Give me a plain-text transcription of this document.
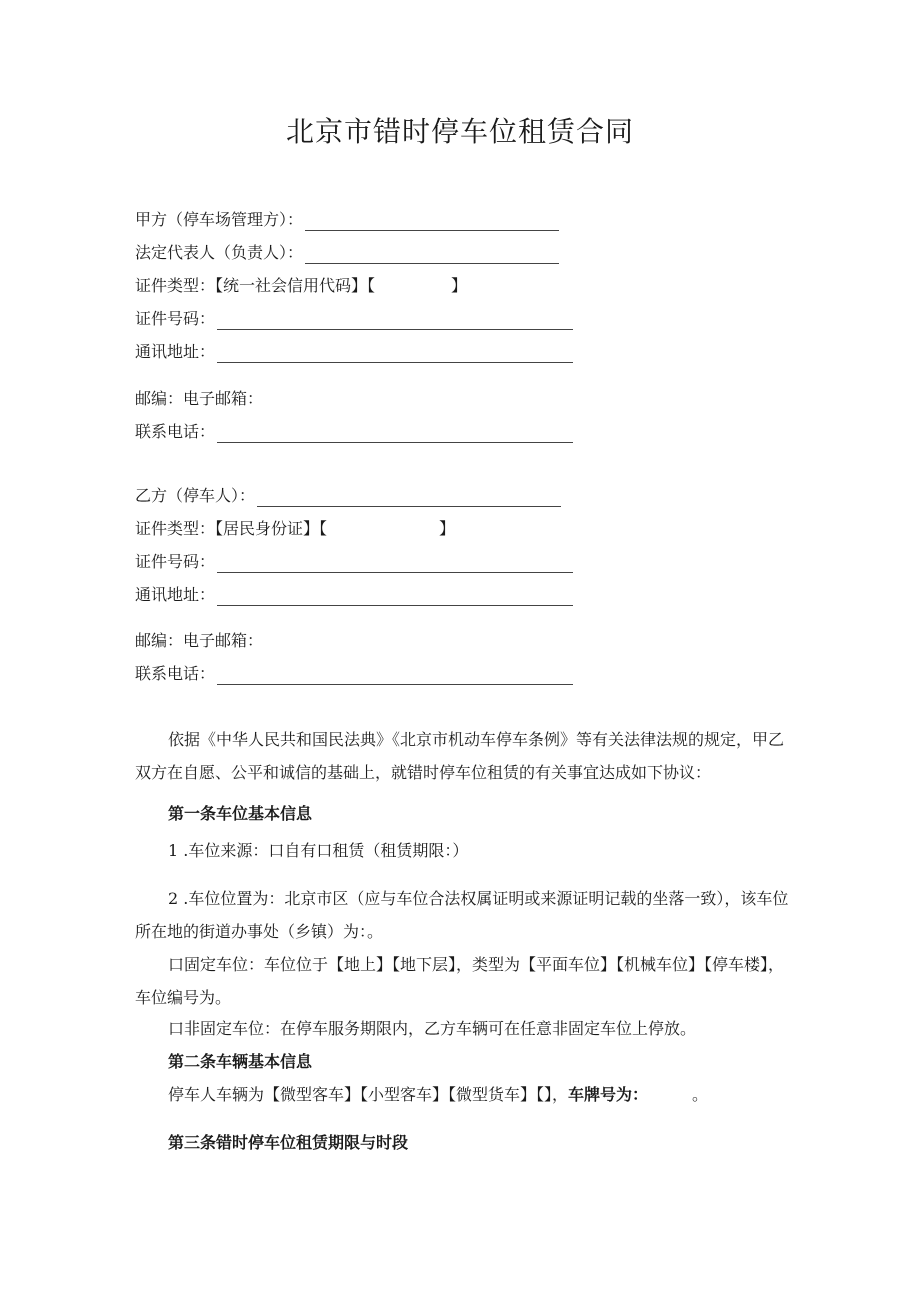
北京市错时停车位租赁合同
甲方（停车场管理方）：
法定代表人（负责人）：
证件类型：【统一社会信用代码】【	】
证件号码：
通讯地址：
邮编：电子邮箱：
联系电话：
乙方（停车人）：
证件类型：【居民身份证】【	】
证件号码：
通讯地址：
邮编：电子邮箱：
联系电话：
依据《中华人民共和国民法典》《北京市机动车停车条例》等有关法律法规的规定，甲乙双方在自愿、公平和诚信的基础上，就错时停车位租赁的有关事宜达成如下协议：
第一条车位基本信息
1 .车位来源：口自有口租赁（租赁期限：）
2 .车位位置为：北京市区（应与车位合法权属证明或来源证明记载的坐落一致），该车位所在地的街道办事处（乡镇）为：。
口固定车位：车位位于【地上】【地下层】，类型为【平面车位】【机械车位】【停车楼】，车位编号为。
口非固定车位：在停车服务期限内，乙方车辆可在任意非固定车位上停放。
第二条车辆基本信息
停车人车辆为【微型客车】【小型客车】【微型货车】【】，车牌号为：	。
第三条错时停车位租赁期限与时段
